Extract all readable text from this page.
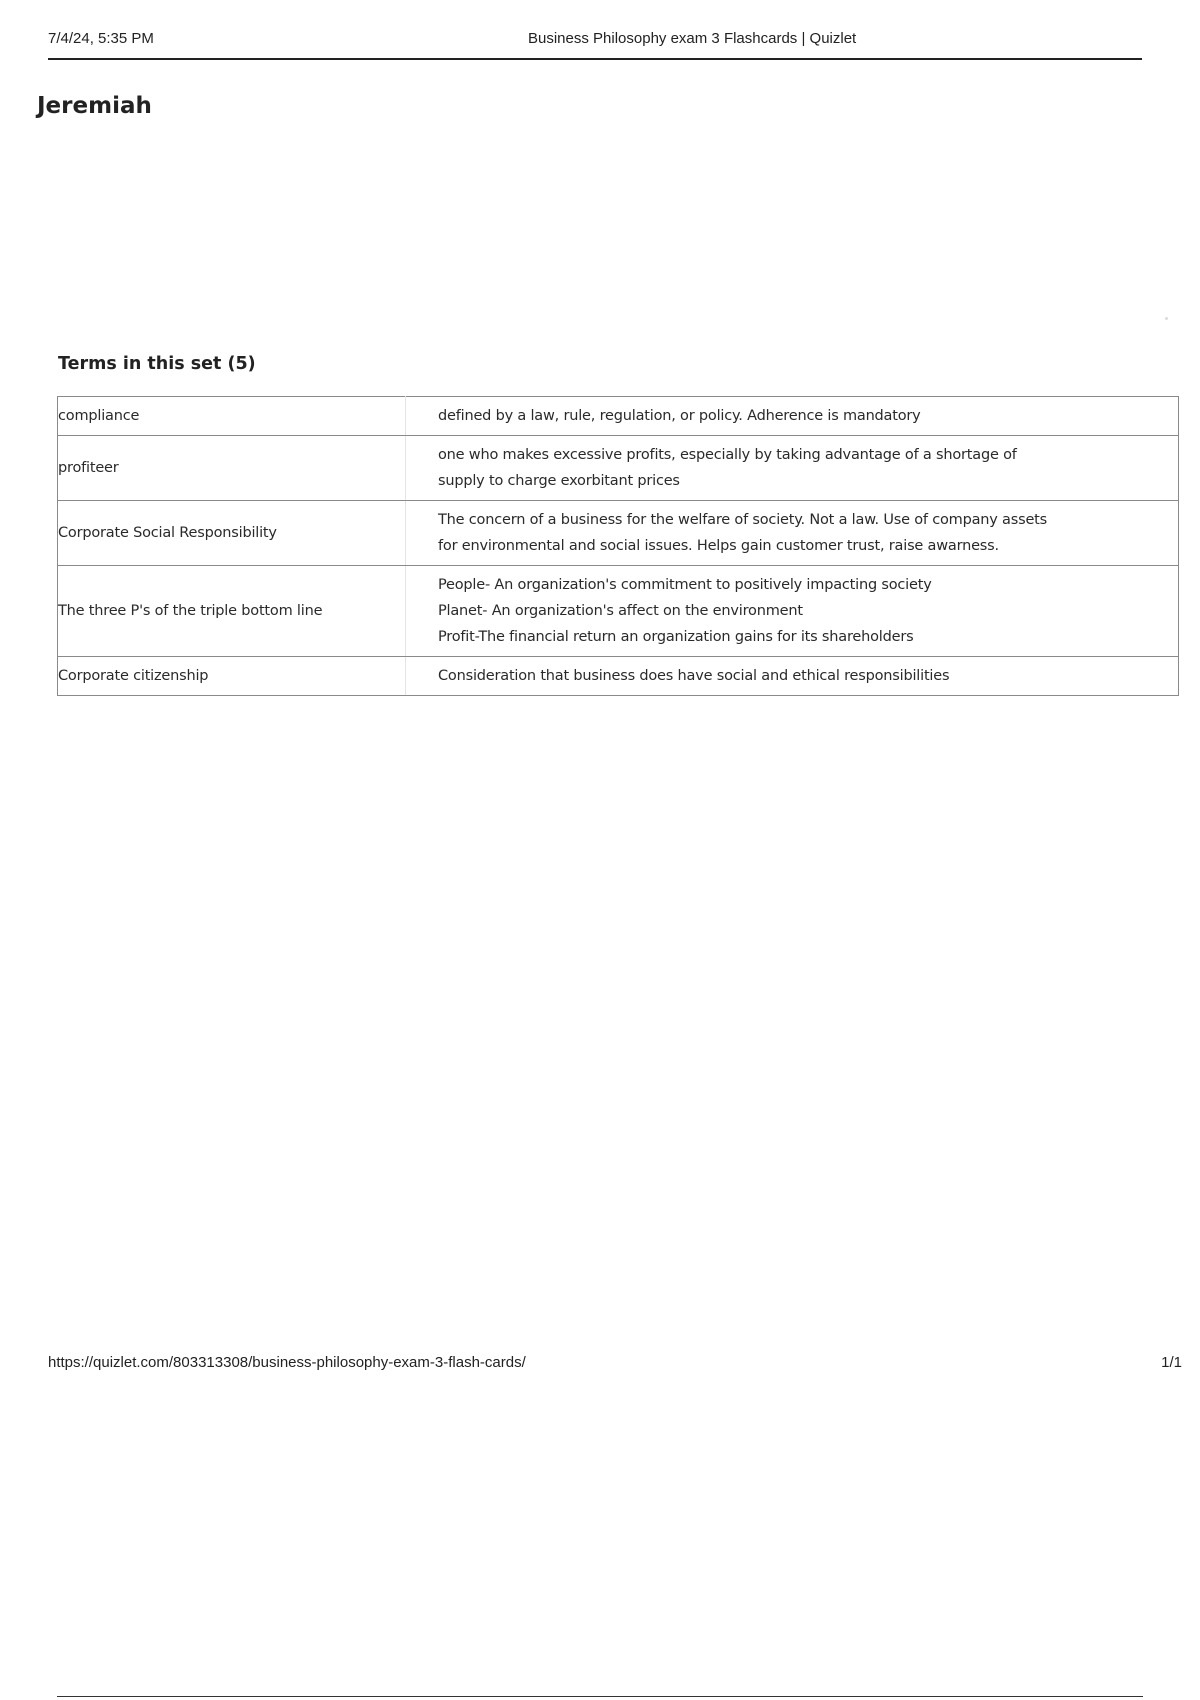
7/4/24, 5:35 PM	Business Philosophy exam 3 Flashcards | Quizlet
Jeremiah
Terms in this set (5)
compliance	defined by a law, rule, regulation, or policy. Adherence is mandatory

profiteer	one who makes excessive profits, especially by taking advantage of a shortage of
supply to charge exorbitant prices

Corporate Social Responsibility	The concern of a business for the welfare of society. Not a law. Use of company assets
for environmental and social issues. Helps gain customer trust, raise awarness.

The three P's of the triple bottom line	People- An organization's commitment to positively impacting society
Planet- An organization's affect on the environment
Profit-The financial return an organization gains for its shareholders

Corporate citizenship	Consideration that business does have social and ethical responsibilities
https://quizlet.com/803313308/business-philosophy-exam-3-flash-cards/	1/1
